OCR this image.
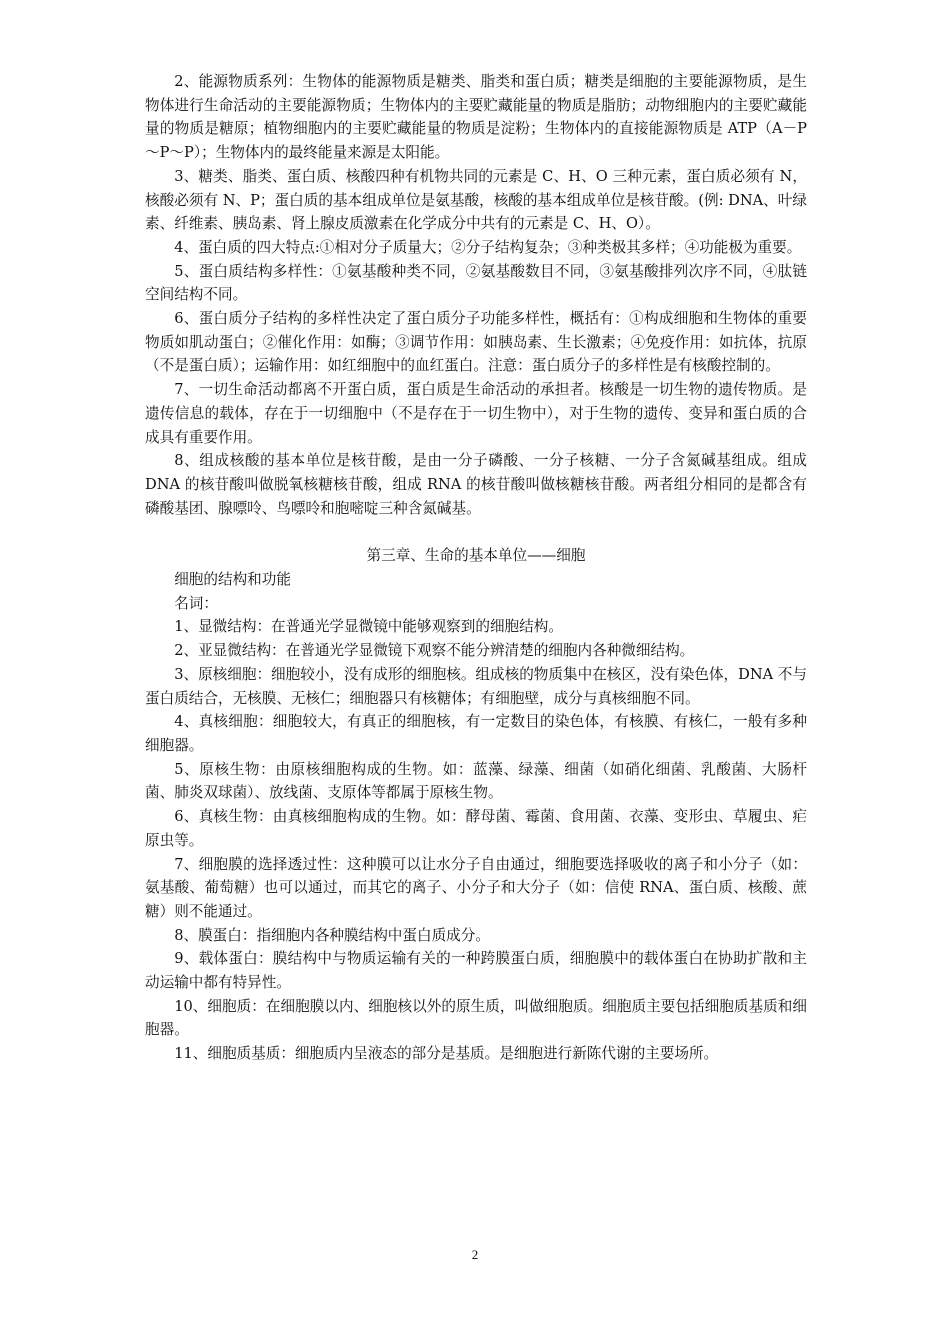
2、能源物质系列：生物体的能源物质是糖类、脂类和蛋白质；糖类是细胞的主要能源物质，是生物体进行生命活动的主要能源物质；生物体内的主要贮藏能量的物质是脂肪；动物细胞内的主要贮藏能量的物质是糖原；植物细胞内的主要贮藏能量的物质是淀粉；生物体内的直接能源物质是 ATP（A－P～P～P）；生物体内的最终能量来源是太阳能。

3、糖类、脂类、蛋白质、核酸四种有机物共同的元素是 C、H、O 三种元素，蛋白质必须有 N，核酸必须有 N、P；蛋白质的基本组成单位是氨基酸，核酸的基本组成单位是核苷酸。(例: DNA、叶绿素、纤维素、胰岛素、肾上腺皮质激素在化学成分中共有的元素是 C、H、O）。

4、蛋白质的四大特点:①相对分子质量大；②分子结构复杂；③种类极其多样；④功能极为重要。

5、蛋白质结构多样性：①氨基酸种类不同，②氨基酸数目不同，③氨基酸排列次序不同，④肽链空间结构不同。

6、蛋白质分子结构的多样性决定了蛋白质分子功能多样性，概括有：①构成细胞和生物体的重要物质如肌动蛋白；②催化作用：如酶；③调节作用：如胰岛素、生长激素；④免疫作用：如抗体，抗原（不是蛋白质）；运输作用：如红细胞中的血红蛋白。注意：蛋白质分子的多样性是有核酸控制的。

7、一切生命活动都离不开蛋白质，蛋白质是生命活动的承担者。核酸是一切生物的遗传物质。是遗传信息的载体，存在于一切细胞中（不是存在于一切生物中），对于生物的遗传、变异和蛋白质的合成具有重要作用。

8、组成核酸的基本单位是核苷酸，是由一分子磷酸、一分子核糖、一分子含氮碱基组成。组成 DNA 的核苷酸叫做脱氧核糖核苷酸，组成 RNA 的核苷酸叫做核糖核苷酸。两者组分相同的是都含有磷酸基团、腺嘌呤、鸟嘌呤和胞嘧啶三种含氮碱基。

第三章、生命的基本单位——细胞

细胞的结构和功能

名词：

1、显微结构：在普通光学显微镜中能够观察到的细胞结构。

2、亚显微结构：在普通光学显微镜下观察不能分辨清楚的细胞内各种微细结构。

3、原核细胞：细胞较小，没有成形的细胞核。组成核的物质集中在核区，没有染色体，DNA 不与蛋白质结合，无核膜、无核仁；细胞器只有核糖体；有细胞壁，成分与真核细胞不同。

4、真核细胞：细胞较大，有真正的细胞核，有一定数目的染色体，有核膜、有核仁，一般有多种细胞器。

5、原核生物：由原核细胞构成的生物。如：蓝藻、绿藻、细菌（如硝化细菌、乳酸菌、大肠杆菌、肺炎双球菌）、放线菌、支原体等都属于原核生物。

6、真核生物：由真核细胞构成的生物。如：酵母菌、霉菌、食用菌、衣藻、变形虫、草履虫、疟原虫等。

7、细胞膜的选择透过性：这种膜可以让水分子自由通过，细胞要选择吸收的离子和小分子（如：氨基酸、葡萄糖）也可以通过，而其它的离子、小分子和大分子（如：信使 RNA、蛋白质、核酸、蔗糖）则不能通过。

8、膜蛋白：指细胞内各种膜结构中蛋白质成分。

9、载体蛋白：膜结构中与物质运输有关的一种跨膜蛋白质，细胞膜中的载体蛋白在协助扩散和主动运输中都有特异性。

10、细胞质：在细胞膜以内、细胞核以外的原生质，叫做细胞质。细胞质主要包括细胞质基质和细胞器。

11、细胞质基质：细胞质内呈液态的部分是基质。是细胞进行新陈代谢的主要场所。

2
